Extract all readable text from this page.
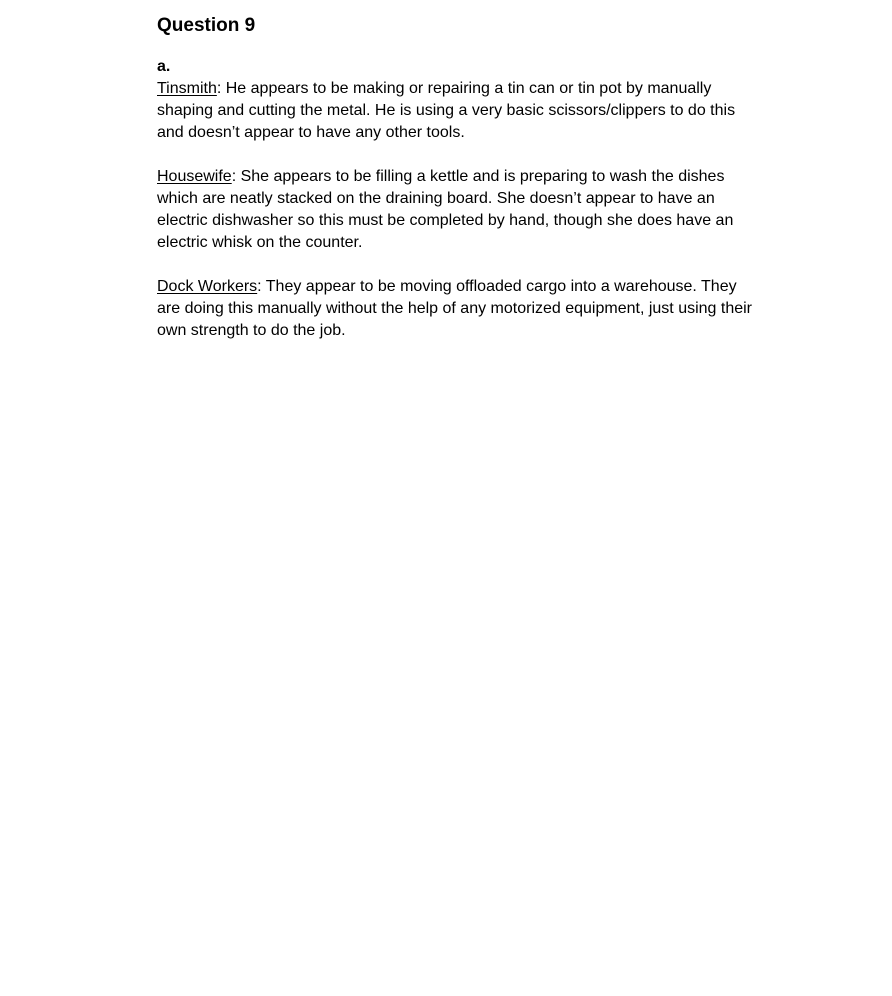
Question 9

a.

Tinsmith: He appears to be making or repairing a tin can or tin pot by manually shaping and cutting the metal. He is using a very basic scissors/clippers to do this and doesn’t appear to have any other tools.

Housewife: She appears to be filling a kettle and is preparing to wash the dishes which are neatly stacked on the draining board. She doesn’t appear to have an electric dishwasher so this must be completed by hand, though she does have an electric whisk on the counter.

Dock Workers: They appear to be moving offloaded cargo into a warehouse. They are doing this manually without the help of any motorized equipment, just using their own strength to do the job.
